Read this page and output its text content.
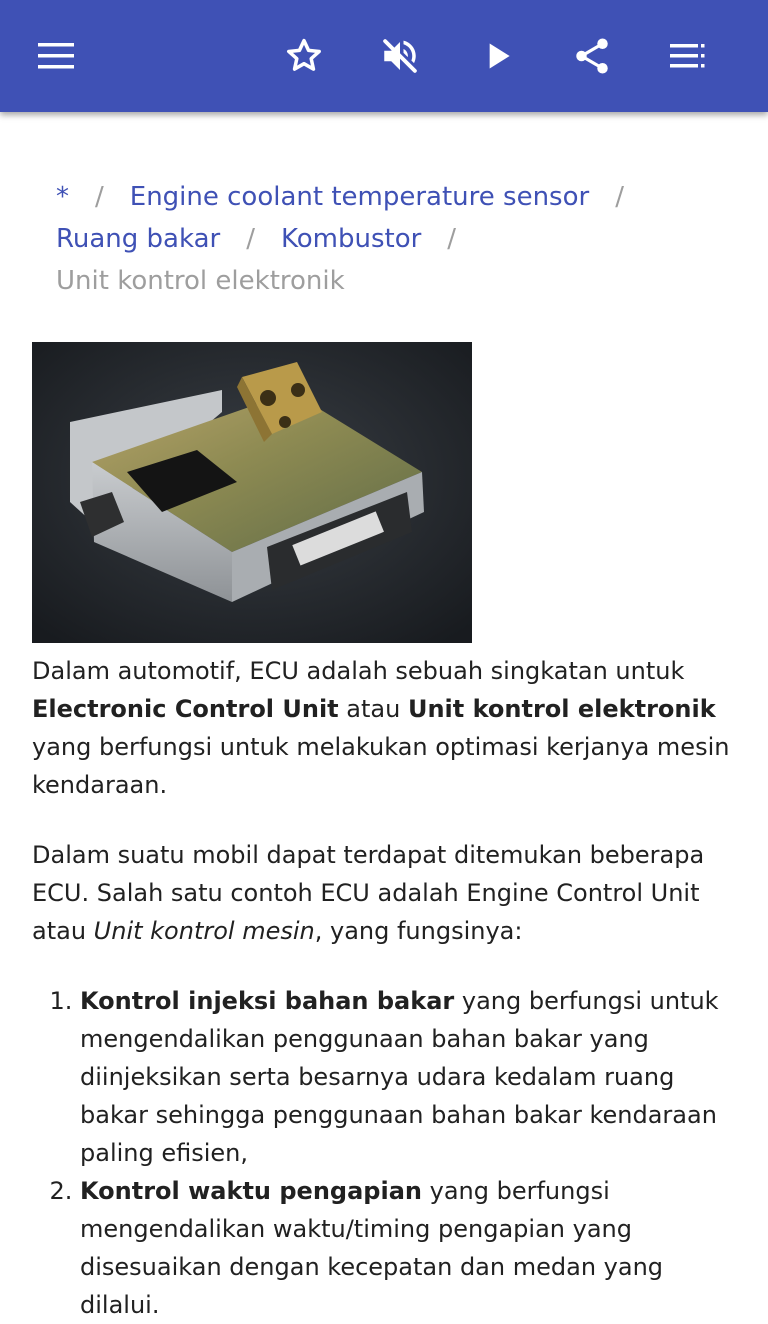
* / Engine coolant temperature sensor /
Ruang bakar / Kombustor /
Unit kontrol elektronik

Dalam automotif, ECU adalah sebuah singkatan untuk Electronic Control Unit atau Unit kontrol elektronik yang berfungsi untuk melakukan optimasi kerjanya mesin kendaraan.

Dalam suatu mobil dapat terdapat ditemukan beberapa ECU. Salah satu contoh ECU adalah Engine Control Unit atau Unit kontrol mesin, yang fungsinya:

1. Kontrol injeksi bahan bakar yang berfungsi untuk mengendalikan penggunaan bahan bakar yang diinjeksikan serta besarnya udara kedalam ruang bakar sehingga penggunaan bahan bakar kendaraan paling efisien,
2. Kontrol waktu pengapian yang berfungsi mengendalikan waktu/timing pengapian yang disesuaikan dengan kecepatan dan medan yang dilalui.
